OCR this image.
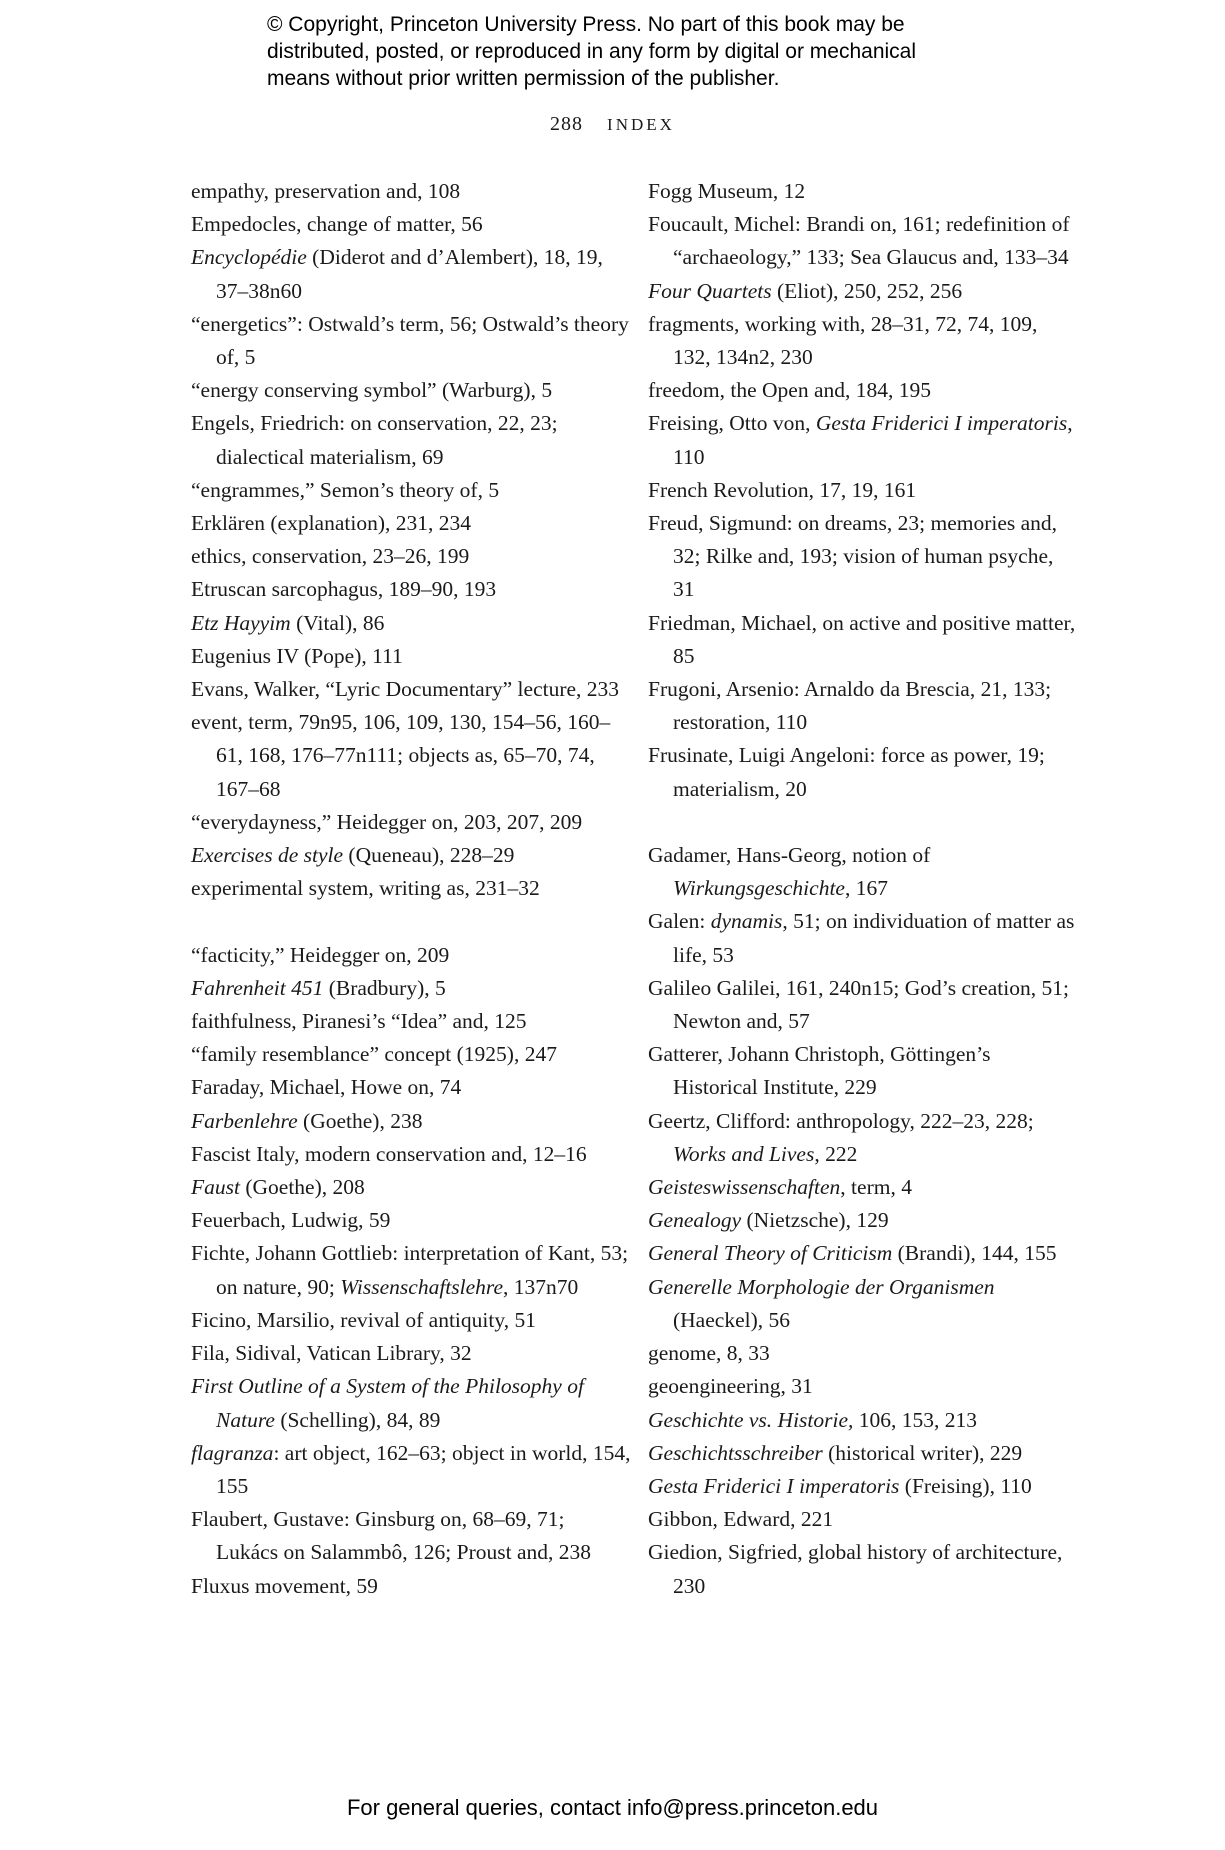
© Copyright, Princeton University Press. No part of this book may be
distributed, posted, or reproduced in any form by digital or mechanical
means without prior written permission of the publisher.
288 INDEX

empathy, preservation and, 108

Empedocles, change of matter, 56

Encyclopédie (Diderot and d’Alembert), 18, 19, 37–38n60

“energetics”: Ostwald’s term, 56; Ostwald’s theory of, 5

“energy conserving symbol” (Warburg), 5

Engels, Friedrich: on conservation, 22, 23; dialectical materialism, 69

“engrammes,” Semon’s theory of, 5

Erklären (explanation), 231, 234

ethics, conservation, 23–26, 199

Etruscan sarcophagus, 189–90, 193

Etz Hayyim (Vital), 86

Eugenius IV (Pope), 111

Evans, Walker, “Lyric Documentary” lecture, 233

event, term, 79n95, 106, 109, 130, 154–56, 160–61, 168, 176–77n111; objects as, 65–70, 74, 167–68

“everydayness,” Heidegger on, 203, 207, 209

Exercises de style (Queneau), 228–29

experimental system, writing as, 231–32

“facticity,” Heidegger on, 209

Fahrenheit 451 (Bradbury), 5

faithfulness, Piranesi’s “Idea” and, 125

“family resemblance” concept (1925), 247

Faraday, Michael, Howe on, 74

Farbenlehre (Goethe), 238

Fascist Italy, modern conservation and, 12–16

Faust (Goethe), 208

Feuerbach, Ludwig, 59

Fichte, Johann Gottlieb: interpretation of Kant, 53; on nature, 90; Wissenschaftslehre, 137n70

Ficino, Marsilio, revival of antiquity, 51

Fila, Sidival, Vatican Library, 32

First Outline of a System of the Philosophy of Nature (Schelling), 84, 89

flagranza: art object, 162–63; object in world, 154, 155

Flaubert, Gustave: Ginsburg on, 68–69, 71; Lukács on Salammbô, 126; Proust and, 238

Fluxus movement, 59

Fogg Museum, 12

Foucault, Michel: Brandi on, 161; redefinition of “archaeology,” 133; Sea Glaucus and, 133–34

Four Quartets (Eliot), 250, 252, 256

fragments, working with, 28–31, 72, 74, 109, 132, 134n2, 230

freedom, the Open and, 184, 195

Freising, Otto von, Gesta Friderici I imperatoris, 110

French Revolution, 17, 19, 161

Freud, Sigmund: on dreams, 23; memories and, 32; Rilke and, 193; vision of human psyche, 31

Friedman, Michael, on active and positive matter, 85

Frugoni, Arsenio: Arnaldo da Brescia, 21, 133; restoration, 110

Frusinate, Luigi Angeloni: force as power, 19; materialism, 20

Gadamer, Hans-Georg, notion of Wirkungsgeschichte, 167

Galen: dynamis, 51; on individuation of matter as life, 53

Galileo Galilei, 161, 240n15; God’s creation, 51; Newton and, 57

Gatterer, Johann Christoph, Göttingen’s Historical Institute, 229

Geertz, Clifford: anthropology, 222–23, 228; Works and Lives, 222

Geisteswissenschaften, term, 4

Genealogy (Nietzsche), 129

General Theory of Criticism (Brandi), 144, 155

Generelle Morphologie der Organismen (Haeckel), 56

genome, 8, 33

geoengineering, 31

Geschichte vs. Historie, 106, 153, 213

Geschichtsschreiber (historical writer), 229

Gesta Friderici I imperatoris (Freising), 110

Gibbon, Edward, 221

Giedion, Sigfried, global history of architecture, 230

For general queries, contact info@press.princeton.edu
